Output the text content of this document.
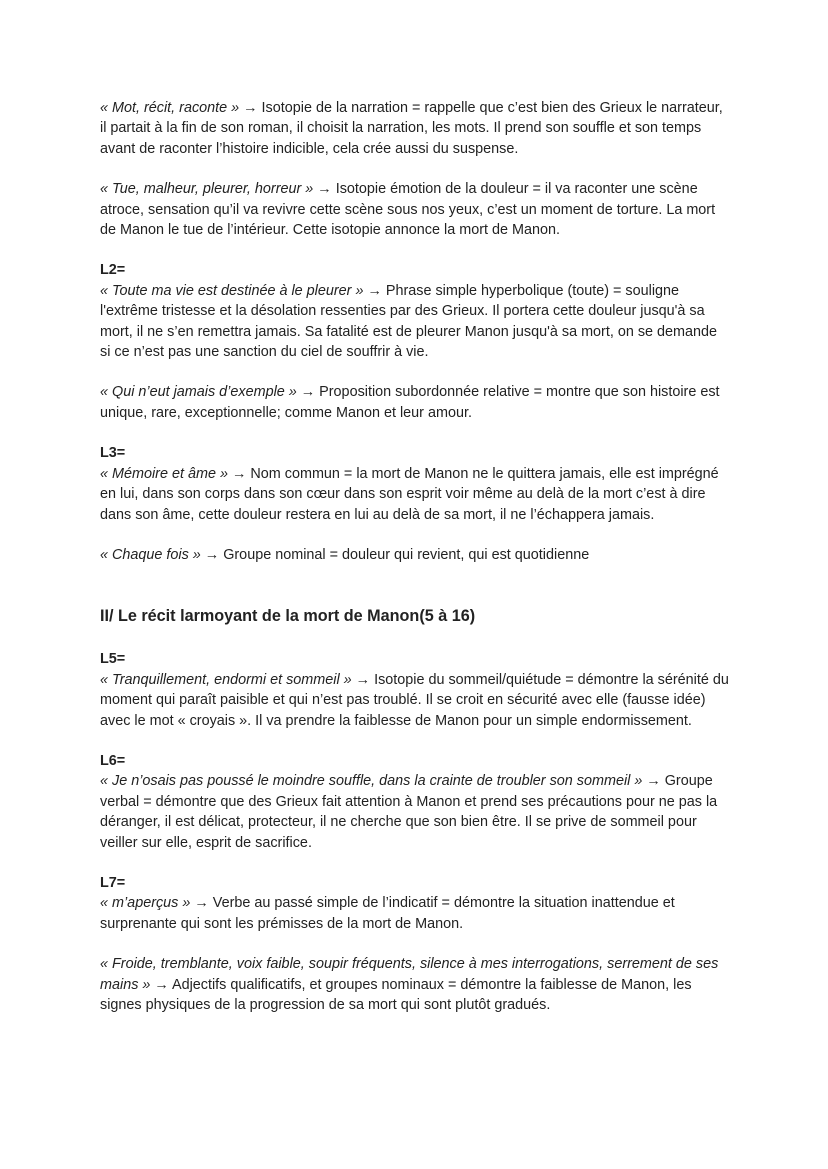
« Mot, récit, raconte » → Isotopie de la narration = rappelle que c’est bien des Grieux le narrateur, il partait à la fin de son roman, il choisit la narration, les mots. Il prend son souffle et son temps avant de raconter l’histoire indicible, cela crée aussi du suspense.

« Tue, malheur, pleurer, horreur » → Isotopie émotion de la douleur = il va raconter une scène atroce, sensation qu’il va revivre cette scène sous nos yeux, c’est un moment de torture. La mort de Manon le tue de l’intérieur. Cette isotopie annonce la mort de Manon.

L2=

« Toute ma vie est destinée à le pleurer » → Phrase simple hyperbolique (toute) = souligne l'extrême tristesse et la désolation ressenties par des Grieux. Il portera cette douleur jusqu'à sa mort, il ne s’en remettra jamais. Sa fatalité est de pleurer Manon jusqu'à sa mort, on se demande si ce n’est pas une sanction du ciel de souffrir à vie.

« Qui n’eut jamais d’exemple » → Proposition subordonnée relative = montre que son histoire est unique, rare, exceptionnelle; comme Manon et leur amour.

L3=

« Mémoire et âme » → Nom commun = la mort de Manon ne le quittera jamais, elle est imprégné en lui, dans son corps dans son cœur dans son esprit voir même au delà de la mort c’est à dire dans son âme, cette douleur restera en lui au delà de sa mort, il ne l’échappera jamais.

« Chaque fois » → Groupe nominal = douleur qui revient, qui est quotidienne

II/ Le récit larmoyant de la mort de Manon(5 à 16)

L5=

« Tranquillement, endormi et sommeil » → Isotopie du sommeil/quiétude = démontre la sérénité du moment qui paraît paisible et qui n’est pas troublé. Il se croit en sécurité avec elle (fausse idée) avec le mot « croyais ». Il va prendre la faiblesse de Manon pour un simple endormissement.

L6=

« Je n’osais pas poussé le moindre souffle, dans la crainte de troubler son sommeil » → Groupe verbal = démontre que des Grieux fait attention à Manon et prend ses précautions pour ne pas la déranger, il est délicat, protecteur, il ne cherche que son bien être. Il se prive de sommeil pour veiller sur elle, esprit de sacrifice.

L7=

« m’aperçus » → Verbe au passé simple de l’indicatif = démontre la situation inattendue et surprenante qui sont les prémisses de la mort de Manon.

« Froide, tremblante, voix faible, soupir fréquents, silence à mes interrogations, serrement de ses mains » → Adjectifs qualificatifs, et groupes nominaux = démontre la faiblesse de Manon, les signes physiques de la progression de sa mort qui sont plutôt gradués.
